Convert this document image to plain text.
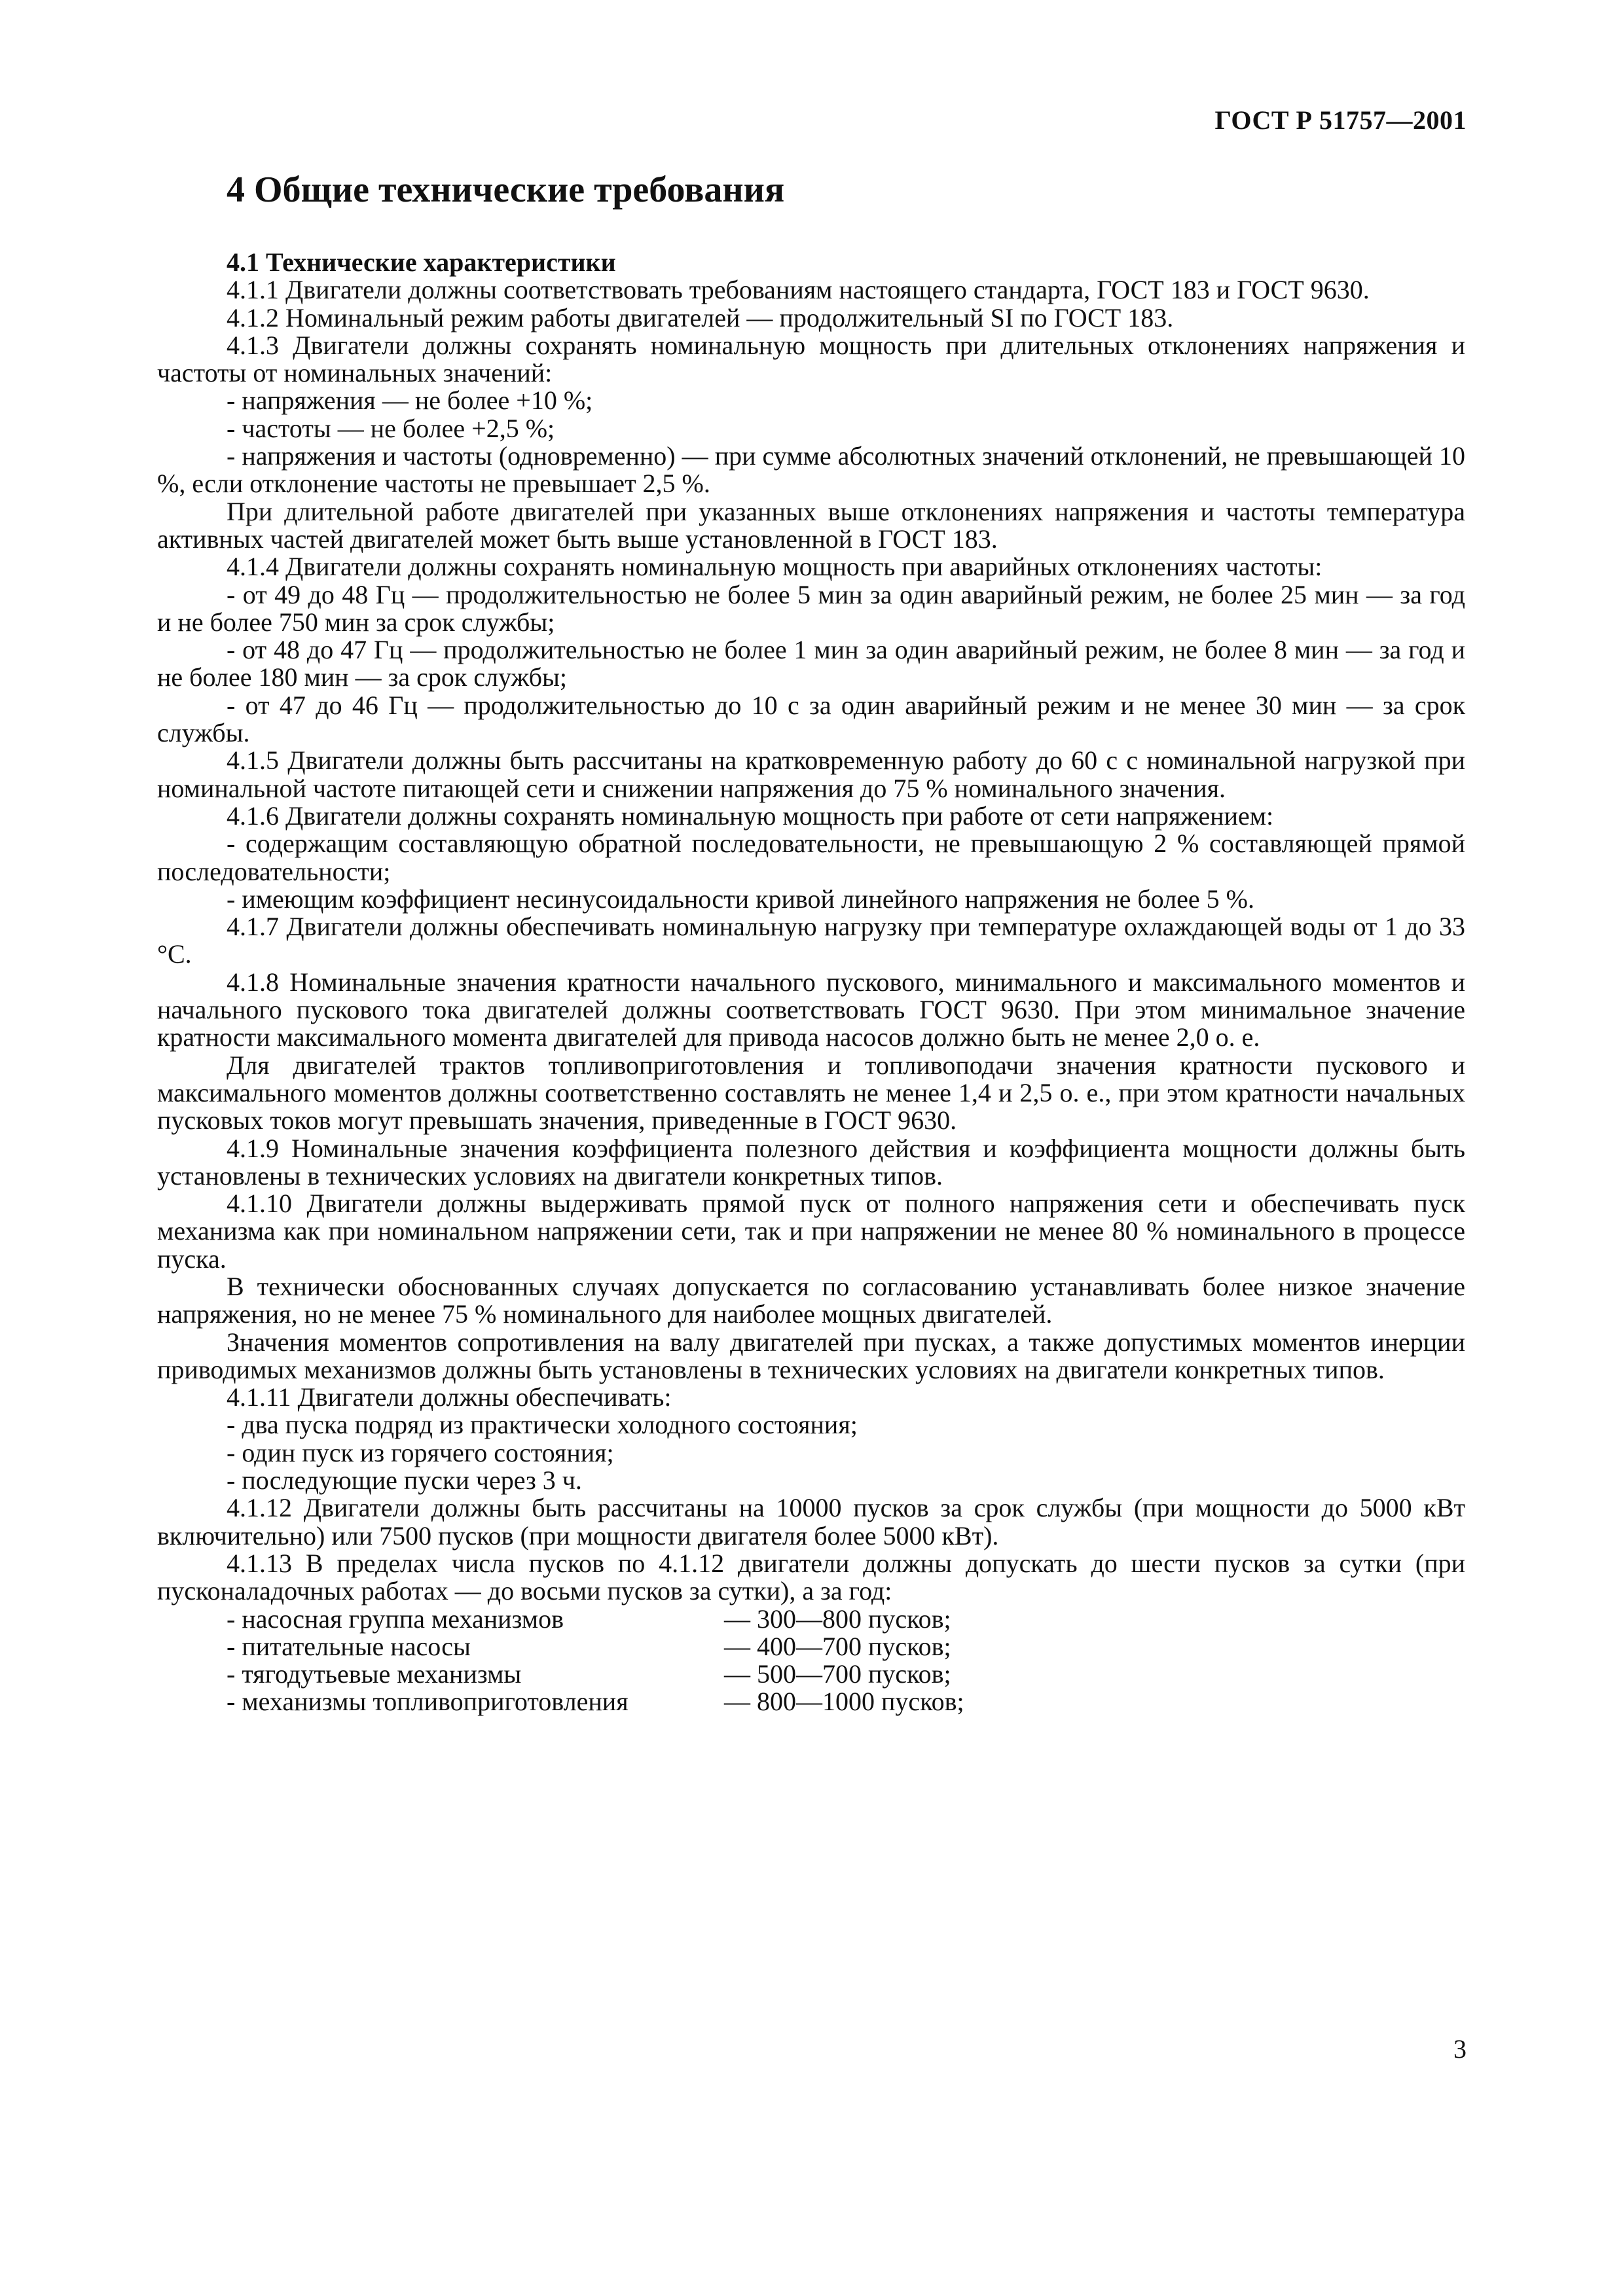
ГОСТ Р 51757—2001
4 Общие технические требования

4.1 Технические характеристики

4.1.1 Двигатели должны соответствовать требованиям настоящего стандарта, ГОСТ 183 и ГОСТ 9630.

4.1.2 Номинальный режим работы двигателей — продолжительный SI по ГОСТ 183.

4.1.3 Двигатели должны сохранять номинальную мощность при длительных отклонениях напряжения и частоты от номинальных значений:

- напряжения — не более +10 %;

- частоты — не более +2,5 %;

- напряжения и частоты (одновременно) — при сумме абсолютных значений отклонений, не превышающей 10 %, если отклонение частоты не превышает 2,5 %.

При длительной работе двигателей при указанных выше отклонениях напряжения и частоты температура активных частей двигателей может быть выше установленной в ГОСТ 183.

4.1.4 Двигатели должны сохранять номинальную мощность при аварийных отклонениях частоты:

- от 49 до 48 Гц — продолжительностью не более 5 мин за один аварийный режим, не более 25 мин — за год и не более 750 мин за срок службы;

- от 48 до 47 Гц — продолжительностью не более 1 мин за один аварийный режим, не более 8 мин — за год и не более 180 мин — за срок службы;

- от 47 до 46 Гц — продолжительностью до 10 с за один аварийный режим и не менее 30 мин — за срок службы.

4.1.5 Двигатели должны быть рассчитаны на кратковременную работу до 60 с с номинальной нагрузкой при номинальной частоте питающей сети и снижении напряжения до 75 % номинального значения.

4.1.6 Двигатели должны сохранять номинальную мощность при работе от сети напряжением:

- содержащим составляющую обратной последовательности, не превышающую 2 % составляющей прямой последовательности;

- имеющим коэффициент несинусоидальности кривой линейного напряжения не более 5 %.

4.1.7 Двигатели должны обеспечивать номинальную нагрузку при температуре охлаждающей воды от 1 до 33 °С.

4.1.8 Номинальные значения кратности начального пускового, минимального и максимального моментов и начального пускового тока двигателей должны соответствовать ГОСТ 9630. При этом минимальное значение кратности максимального момента двигателей для привода насосов должно быть не менее 2,0 о. е.

Для двигателей трактов топливоприготовления и топливоподачи значения кратности пускового и максимального моментов должны соответственно составлять не менее 1,4 и 2,5 о. е., при этом кратности начальных пусковых токов могут превышать значения, приведенные в ГОСТ 9630.

4.1.9 Номинальные значения коэффициента полезного действия и коэффициента мощности должны быть установлены в технических условиях на двигатели конкретных типов.

4.1.10 Двигатели должны выдерживать прямой пуск от полного напряжения сети и обеспечивать пуск механизма как при номинальном напряжении сети, так и при напряжении не менее 80 % номинального в процессе пуска.

В технически обоснованных случаях допускается по согласованию устанавливать более низкое значение напряжения, но не менее 75 % номинального для наиболее мощных двигателей.

Значения моментов сопротивления на валу двигателей при пусках, а также допустимых моментов инерции приводимых механизмов должны быть установлены в технических условиях на двигатели конкретных типов.

4.1.11 Двигатели должны обеспечивать:

- два пуска подряд из практически холодного состояния;

- один пуск из горячего состояния;

- последующие пуски через 3 ч.

4.1.12 Двигатели должны быть рассчитаны на 10000 пусков за срок службы (при мощности до 5000 кВт включительно) или 7500 пусков (при мощности двигателя более 5000 кВт).

4.1.13 В пределах числа пусков по 4.1.12 двигатели должны допускать до шести пусков за сутки (при пусконаладочных работах — до восьми пусков за сутки), а за год:

- насосная группа механизмов	— 300—800 пусков;
- питательные насосы	— 400—700 пусков;
- тягодутьевые механизмы	— 500—700 пусков;
- механизмы топливоприготовления	— 800—1000 пусков;
3
